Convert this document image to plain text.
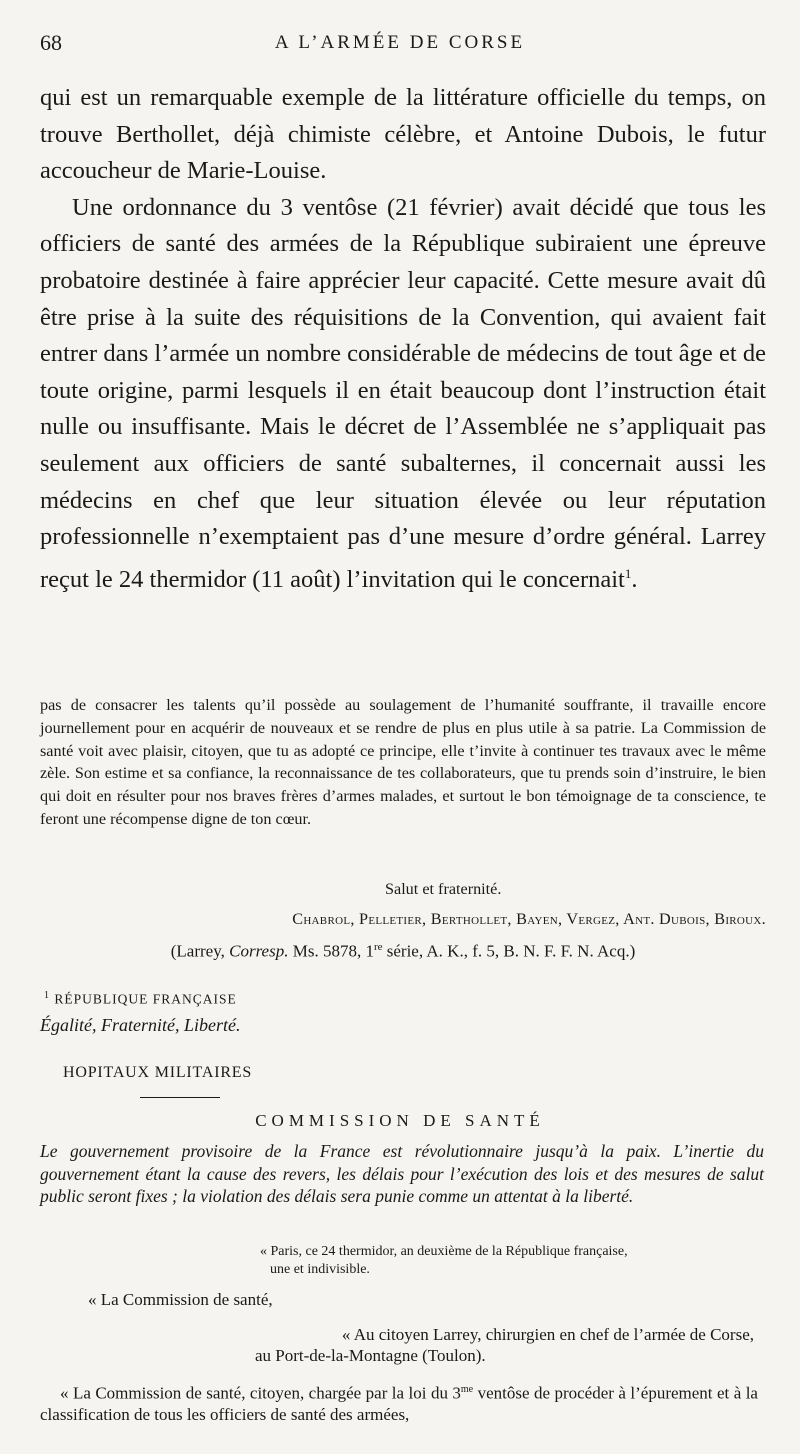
68	A L’ARMÉE DE CORSE

qui est un remarquable exemple de la littérature officielle du temps, on trouve Berthollet, déjà chimiste célèbre, et Antoine Dubois, le futur accoucheur de Marie-Louise.

Une ordonnance du 3 ventôse (21 février) avait décidé que tous les officiers de santé des armées de la République subiraient une épreuve probatoire destinée à faire apprécier leur capacité. Cette mesure avait dû être prise à la suite des réquisitions de la Convention, qui avaient fait entrer dans l’armée un nombre considérable de médecins de tout âge et de toute origine, parmi lesquels il en était beaucoup dont l’instruction était nulle ou insuffisante. Mais le décret de l’Assemblée ne s’appliquait pas seulement aux officiers de santé subalternes, il concernait aussi les médecins en chef que leur situation élevée ou leur réputation professionnelle n’exemptaient pas d’une mesure d’ordre général. Larrey reçut le 24 thermidor (11 août) l’invitation qui le concernait$^1$.

pas de consacrer les talents qu’il possède au soulagement de l’humanité souffrante, il travaille encore journellement pour en acquérir de nouveaux et se rendre de plus en plus utile à sa patrie. La Commission de santé voit avec plaisir, citoyen, que tu as adopté ce principe, elle t’invite à continuer tes travaux avec le même zèle. Son estime et sa confiance, la reconnaissance de tes collaborateurs, que tu prends soin d’instruire, le bien qui doit en résulter pour nos braves frères d’armes malades, et surtout le bon témoignage de ta conscience, te feront une récompense digne de ton cœur.

Salut et fraternité.
Chabrol, Pelletier, Berthollet, Bayen, Vergez, Ant. Dubois, Biroux.
(Larrey, Corresp. Ms. 5878, 1re série, A. K., f. 5, B. N. F. F. N. Acq.)
$^1$ RÉPUBLIQUE FRANÇAISE
Égalité, Fraternité, Liberté.
HOPITAUX MILITAIRES
COMMISSION DE SANTÉ

Le gouvernement provisoire de la France est révolutionnaire jusqu’à la paix. L’inertie du gouvernement étant la cause des revers, les délais pour l’exécution des lois et des mesures de salut public seront fixes ; la violation des délais sera punie comme un attentat à la liberté.

« Paris, ce 24 thermidor, an deuxième de la République française,
une et indivisible.
« La Commission de santé,
« Au citoyen Larrey, chirurgien en chef de l’armée de Corse,
au Port-de-la-Montagne (Toulon).

« La Commission de santé, citoyen, chargée par la loi du $3^{me}$ ventôse de procéder à l’épurement et à la classification de tous les officiers de santé des armées,
